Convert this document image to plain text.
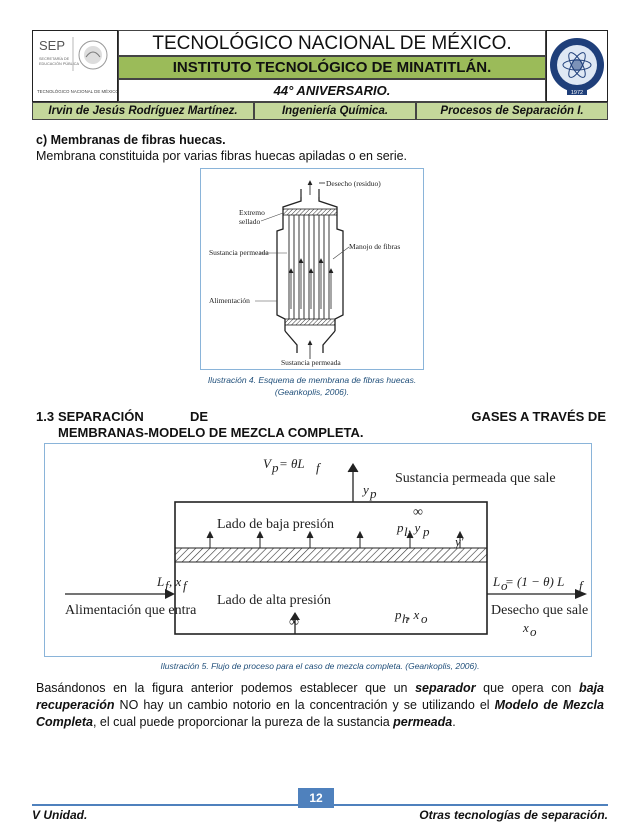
SEP
SECRETARÍA DE
EDUCACIÓN PÚBLICA
TECNOLÓGICO NACIONAL DE MÉXICO
TECNOLÓGICO NACIONAL DE MÉXICO.
INSTITUTO TECNOLÓGICO DE MINATITLÁN.
44° ANIVERSARIO.	1972
Irvin de Jesús Rodríguez Martínez.	Ingeniería Química.	Procesos de Separación I.
c) Membranas de fibras huecas.
Membrana constituida por varias fibras huecas apiladas o en serie.
Desecho (residuo)
Extremo
sellado
Sustancia permeada
Manojo de fibras
Alimentación
Sustancia permeada
Ilustración 4. Esquema de membrana de fibras huecas.
(Geankoplis, 2006).
1.3 SEPARACIÓN	DE	GASES A TRAVÉS DE
MEMBRANAS-MODELO DE MEZCLA COMPLETA.
V p = θL f
y p
Sustancia permeada que sale
∞
Lado de baja presión	p l , y p
y′
L f , x f	L o
= (1 − θ) L f
Alimentación que entra
Lado de alta presión
p h
, x o
Desecho que sale
x o
∞
Ilustración 5. Flujo de proceso para el caso de mezcla completa. (Geankoplis, 2006).
Basándonos en la figura anterior podemos establecer que un separador que opera con baja recuperación NO hay un cambio notorio en la concentración y se utilizando el Modelo de Mezcla Completa, el cual puede proporcionar la pureza de la sustancia permeada.
12
V Unidad.	Otras tecnologías de separación.
